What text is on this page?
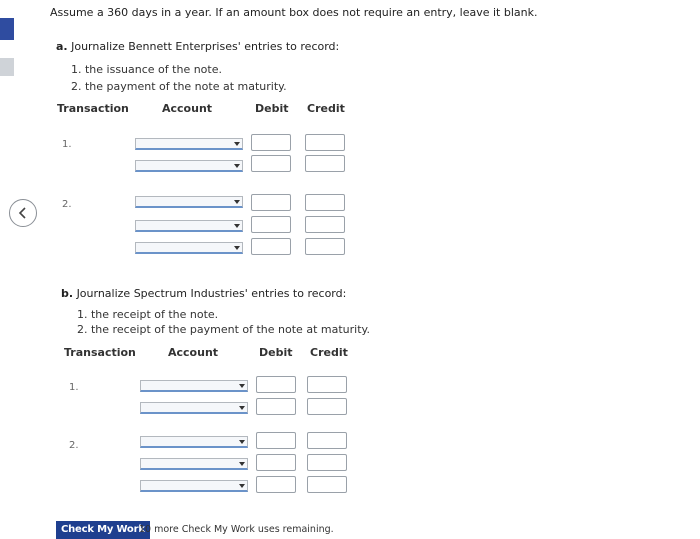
Assume a 360 days in a year. If an amount box does not require an entry, leave it blank.
a. Journalize Bennett Enterprises' entries to record:
1. the issuance of the note.
2. the payment of the note at maturity.
Transaction	Account	Debit Credit
1.
2.
b. Journalize Spectrum Industries' entries to record:
1. the receipt of the note.
2. the receipt of the payment of the note at maturity.
Transaction	Account	Debit Credit
1.
2.
Check My Work
10 more Check My Work uses remaining.
